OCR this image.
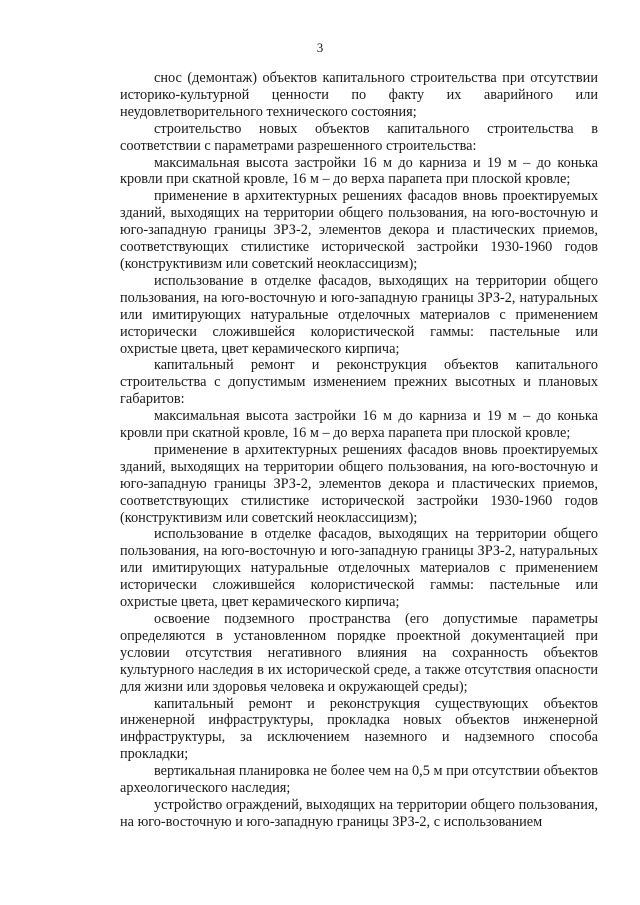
3

снос (демонтаж) объектов капитального строительства при отсутствии историко-культурной ценности по факту их аварийного или неудовлетворительного технического состояния;

строительство новых объектов капитального строительства в соответствии с параметрами разрешенного строительства:

максимальная высота застройки 16 м до карниза и 19 м – до конька кровли при скатной кровле, 16 м – до верха парапета при плоской кровле;

применение в архитектурных решениях фасадов вновь проектируемых зданий, выходящих на территории общего пользования, на юго-восточную и юго-западную границы ЗРЗ-2, элементов декора и пластических приемов, соответствующих стилистике исторической застройки 1930-1960 годов (конструктивизм или советский неоклассицизм);

использование в отделке фасадов, выходящих на территории общего пользования, на юго-восточную и юго-западную границы ЗРЗ-2, натуральных или имитирующих натуральные отделочных материалов с применением исторически сложившейся колористической гаммы: пастельные или охристые цвета, цвет керамического кирпича;

капитальный ремонт и реконструкция объектов капитального строительства с допустимым изменением прежних высотных и плановых габаритов:

максимальная высота застройки 16 м до карниза и 19 м – до конька кровли при скатной кровле, 16 м – до верха парапета при плоской кровле;

применение в архитектурных решениях фасадов вновь проектируемых зданий, выходящих на территории общего пользования, на юго-восточную и юго-западную границы ЗРЗ-2, элементов декора и пластических приемов, соответствующих стилистике исторической застройки 1930-1960 годов (конструктивизм или советский неоклассицизм);

использование в отделке фасадов, выходящих на территории общего пользования, на юго-восточную и юго-западную границы ЗРЗ-2, натуральных или имитирующих натуральные отделочных материалов с применением исторически сложившейся колористической гаммы: пастельные или охристые цвета, цвет керамического кирпича;

освоение подземного пространства (его допустимые параметры определяются в установленном порядке проектной документацией при условии отсутствия негативного влияния на сохранность объектов культурного наследия в их исторической среде, а также отсутствия опасности для жизни или здоровья человека и окружающей среды);

капитальный ремонт и реконструкция существующих объектов инженерной инфраструктуры, прокладка новых объектов инженерной инфраструктуры, за исключением наземного и надземного способа прокладки;

вертикальная планировка не более чем на 0,5 м при отсутствии объектов археологического наследия;

устройство ограждений, выходящих на территории общего пользования, на юго-восточную и юго-западную границы ЗРЗ-2, с использованием
